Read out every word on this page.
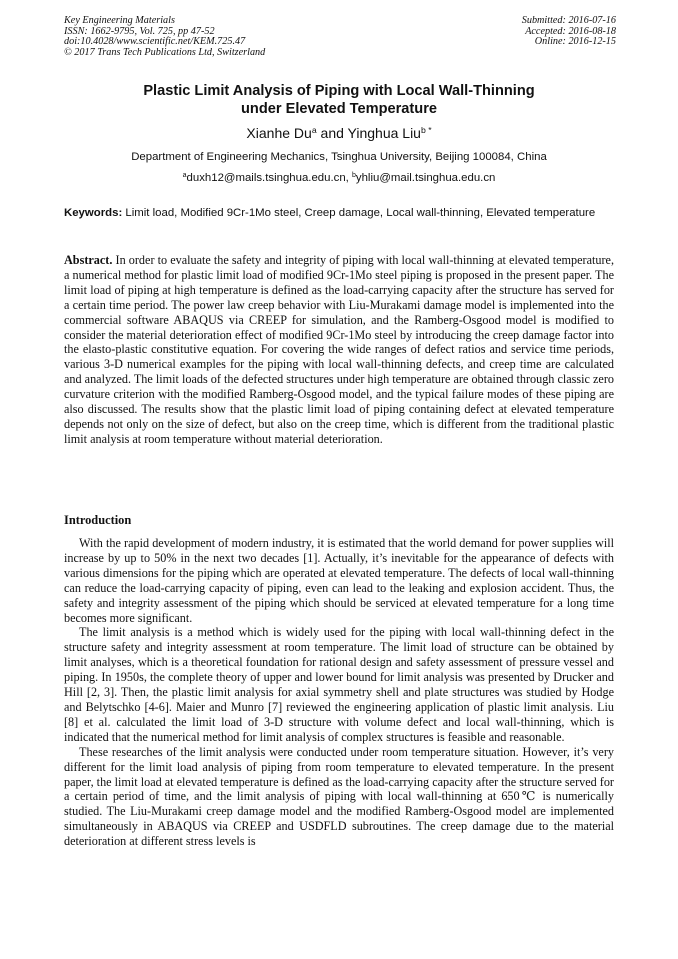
Key Engineering Materials
ISSN: 1662-9795, Vol. 725, pp 47-52
doi:10.4028/www.scientific.net/KEM.725.47
© 2017 Trans Tech Publications Ltd, Switzerland
Submitted: 2016-07-16
Accepted: 2016-08-18
Online: 2016-12-15
Plastic Limit Analysis of Piping with Local Wall-Thinning
under Elevated Temperature
Xianhe Du$^a$ and Yinghua Liu$^{b *}$
Department of Engineering Mechanics, Tsinghua University, Beijing 100084, China
$^a$duxh12@mails.tsinghua.edu.cn, $^b$yhliu@mail.tsinghua.edu.cn

Keywords: Limit load, Modified 9Cr-1Mo steel, Creep damage, Local wall-thinning, Elevated temperature

Abstract. In order to evaluate the safety and integrity of piping with local wall-thinning at elevated temperature, a numerical method for plastic limit load of modified 9Cr-1Mo steel piping is proposed in the present paper. The limit load of piping at high temperature is defined as the load-carrying capacity after the structure has served for a certain time period. The power law creep behavior with Liu-Murakami damage model is implemented into the commercial software ABAQUS via CREEP for simulation, and the Ramberg-Osgood model is modified to consider the material deterioration effect of modified 9Cr-1Mo steel by introducing the creep damage factor into the elasto-plastic constitutive equation. For covering the wide ranges of defect ratios and service time periods, various 3-D numerical examples for the piping with local wall-thinning defects, and creep time are calculated and analyzed. The limit loads of the defected structures under high temperature are obtained through classic zero curvature criterion with the modified Ramberg-Osgood model, and the typical failure modes of these piping are also discussed. The results show that the plastic limit load of piping containing defect at elevated temperature depends not only on the size of defect, but also on the creep time, which is different from the traditional plastic limit analysis at room temperature without material deterioration.

Introduction

With the rapid development of modern industry, it is estimated that the world demand for power supplies will increase by up to 50% in the next two decades [1]. Actually, it’s inevitable for the appearance of defects with various dimensions for the piping which are operated at elevated temperature. The defects of local wall-thinning can reduce the load-carrying capacity of piping, even can lead to the leaking and explosion accident. Thus, the safety and integrity assessment of the piping which should be serviced at elevated temperature for a long time becomes more significant.

The limit analysis is a method which is widely used for the piping with local wall-thinning defect in the structure safety and integrity assessment at room temperature. The limit load of structure can be obtained by limit analyses, which is a theoretical foundation for rational design and safety assessment of pressure vessel and piping. In 1950s, the complete theory of upper and lower bound for limit analysis was presented by Drucker and Hill [2, 3]. Then, the plastic limit analysis for axial symmetry shell and plate structures was studied by Hodge and Belytschko [4-6]. Maier and Munro [7] reviewed the engineering application of plastic limit analysis. Liu [8] et al. calculated the limit load of 3-D structure with volume defect and local wall-thinning, which is indicated that the numerical method for limit analysis of complex structures is feasible and reasonable.

These researches of the limit analysis were conducted under room temperature situation. However, it’s very different for the limit load analysis of piping from room temperature to elevated temperature. In the present paper, the limit load at elevated temperature is defined as the load-carrying capacity after the structure served for a certain period of time, and the limit analysis of piping with local wall-thinning at 650℃ is numerically studied. The Liu-Murakami creep damage model and the modified Ramberg-Osgood model are implemented simultaneously in ABAQUS via CREEP and USDFLD subroutines. The creep damage due to the material deterioration at different stress levels is
